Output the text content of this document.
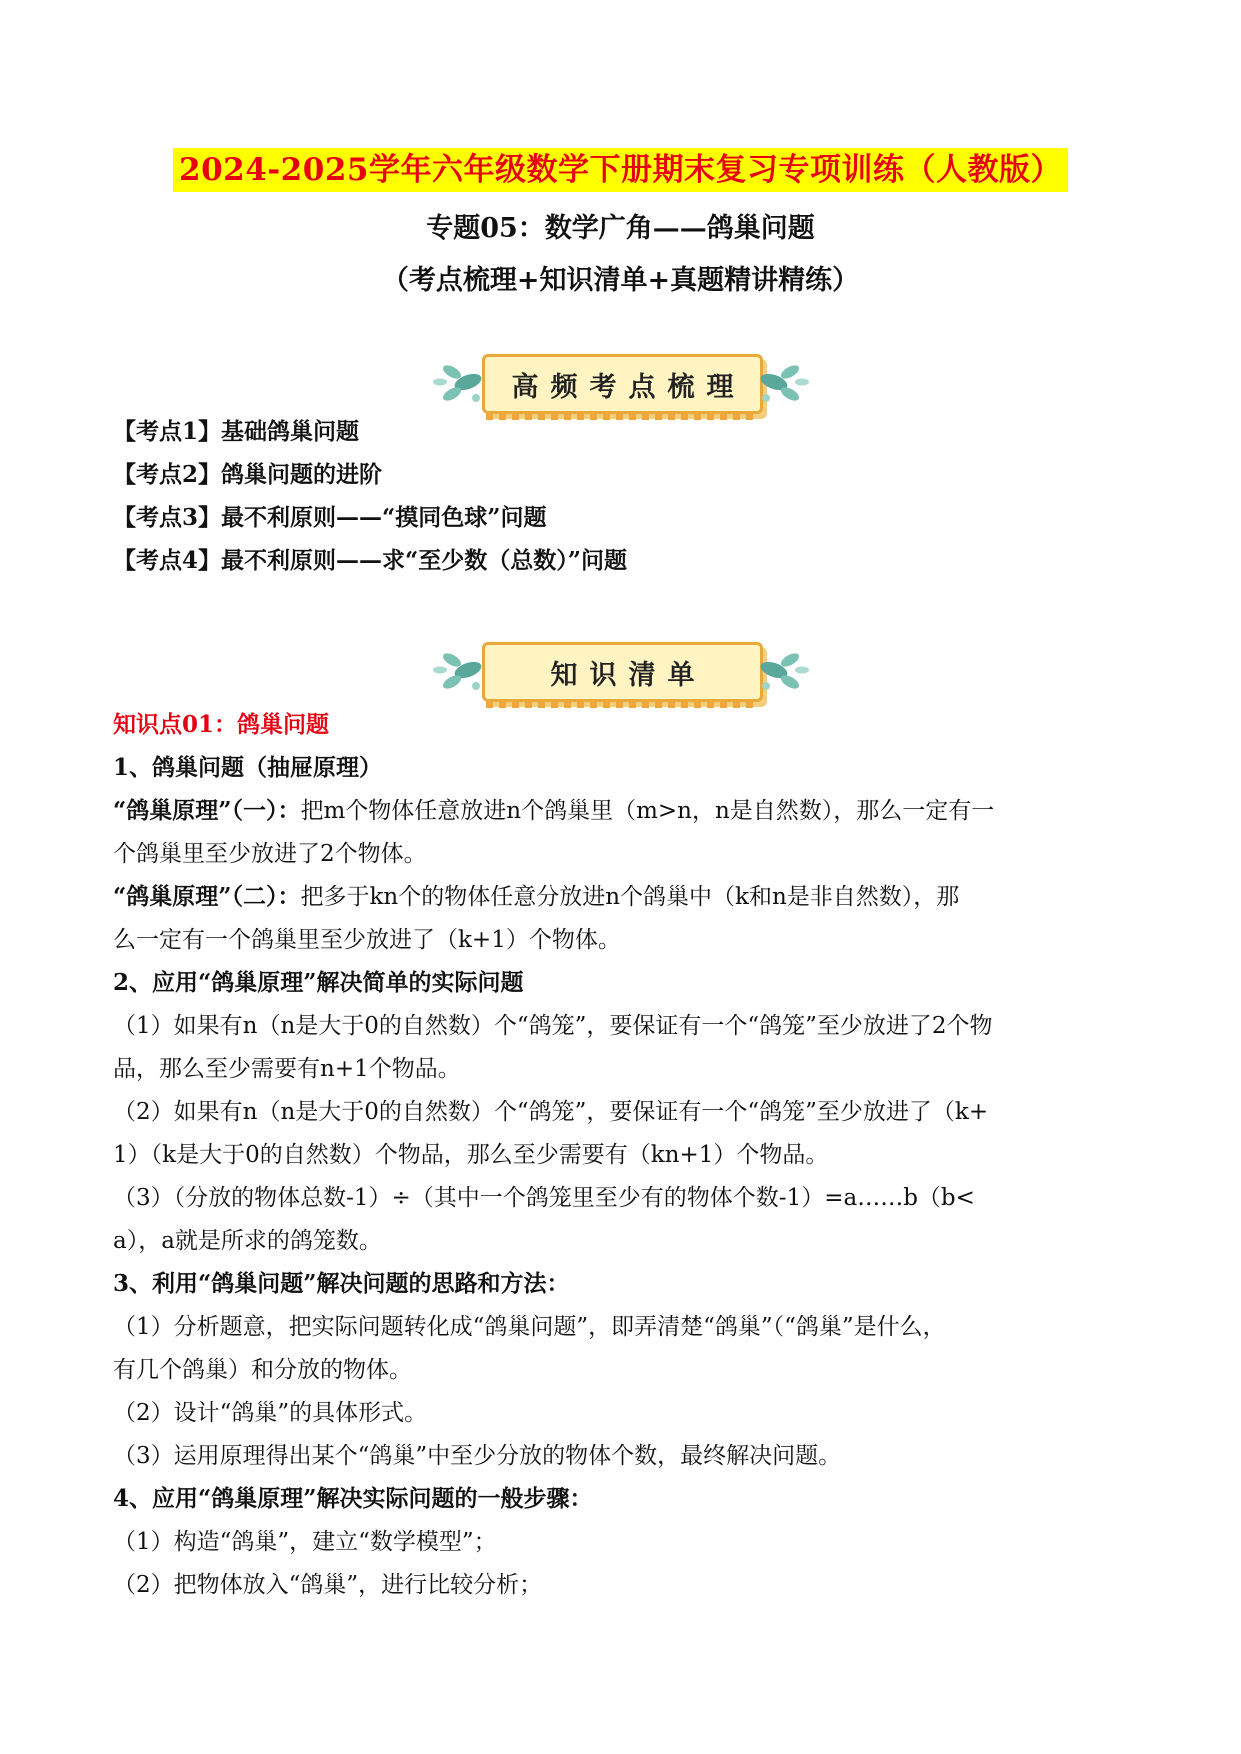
2024-2025学年六年级数学下册期末复习专项训练（人教版）
专题05：数学广角——鸽巢问题
（考点梳理+知识清单+真题精讲精练）
高频考点梳理
【考点1】基础鸽巢问题
【考点2】鸽巢问题的进阶
【考点3】最不利原则——“摸同色球”问题
【考点4】最不利原则——求“至少数（总数）”问题
知识清单
知识点01：鸽巢问题
1、鸽巢问题（抽屉原理）
“鸽巢原理”（一）：把m个物体任意放进n个鸽巢里（m>n，n是自然数），那么一定有一
个鸽巢里至少放进了2个物体。
“鸽巢原理”（二）：把多于kn个的物体任意分放进n个鸽巢中（k和n是非自然数），那
么一定有一个鸽巢里至少放进了（k+1）个物体。
2、应用“鸽巢原理”解决简单的实际问题
（1）如果有n（n是大于0的自然数）个“鸽笼”，要保证有一个“鸽笼”至少放进了2个物
品，那么至少需要有n+1个物品。
（2）如果有n（n是大于0的自然数）个“鸽笼”，要保证有一个“鸽笼”至少放进了（k+
1）（k是大于0的自然数）个物品，那么至少需要有（kn+1）个物品。
（3）（分放的物体总数-1）÷（其中一个鸽笼里至少有的物体个数-1）=a……b（b<
a），a就是所求的鸽笼数。
3、利用“鸽巢问题”解决问题的思路和方法：
（1）分析题意，把实际问题转化成“鸽巢问题”，即弄清楚“鸽巢”（“鸽巢”是什么，
有几个鸽巢）和分放的物体。
（2）设计“鸽巢”的具体形式。
（3）运用原理得出某个“鸽巢”中至少分放的物体个数，最终解决问题。
4、应用“鸽巢原理”解决实际问题的一般步骤：
（1）构造“鸽巢”，建立“数学模型”；
（2）把物体放入“鸽巢”，进行比较分析；
